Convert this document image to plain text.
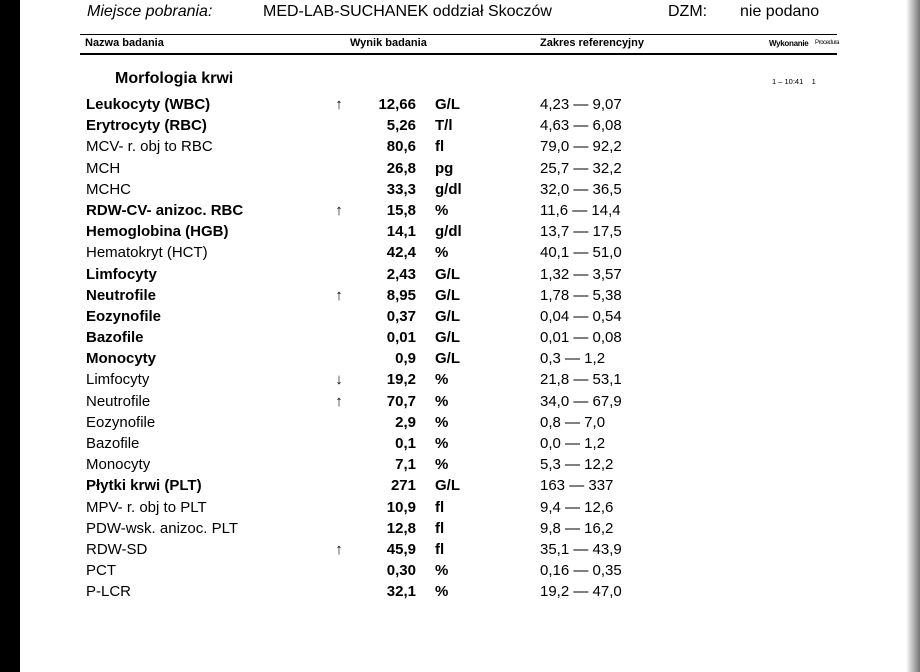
Miejsce pobrania:	MED-LAB-SUCHANEK oddział Skoczów	DZM: nie podano
Nazwa badania	Wynik badania	Zakres referencyjny	Wykonanie Procedura
Morfologia krwi	1 – 10:41 1
Leukocyty (WBC)	↑	12,66 G/L	4,23 — 9,07
Erytrocyty (RBC)	5,26 T/l	4,63 — 6,08
MCV- r. obj to RBC	80,6 fl	79,0 — 92,2
MCH	26,8 pg	25,7 — 32,2
MCHC	33,3 g/dl	32,0 — 36,5
RDW-CV- anizoc. RBC	↑	15,8 %	11,6 — 14,4
Hemoglobina (HGB)	14,1 g/dl	13,7 — 17,5
Hematokryt (HCT)	42,4 %	40,1 — 51,0
Limfocyty	2,43 G/L	1,32 — 3,57
Neutrofile	↑	8,95 G/L	1,78 — 5,38
Eozynofile	0,37 G/L	0,04 — 0,54
Bazofile	0,01 G/L	0,01 — 0,08
Monocyty	0,9 G/L	0,3 — 1,2
Limfocyty	↓	19,2 %	21,8 — 53,1
Neutrofile	↑	70,7 %	34,0 — 67,9
Eozynofile	2,9 %	0,8 — 7,0
Bazofile	0,1 %	0,0 — 1,2
Monocyty	7,1 %	5,3 — 12,2
Płytki krwi (PLT)	271 G/L	163 — 337
MPV- r. obj to PLT	10,9 fl	9,4 — 12,6
PDW-wsk. anizoc. PLT	12,8 fl	9,8 — 16,2
RDW-SD	↑	45,9 fl	35,1 — 43,9
PCT	0,30 %	0,16 — 0,35
P-LCR	32,1 %	19,2 — 47,0
